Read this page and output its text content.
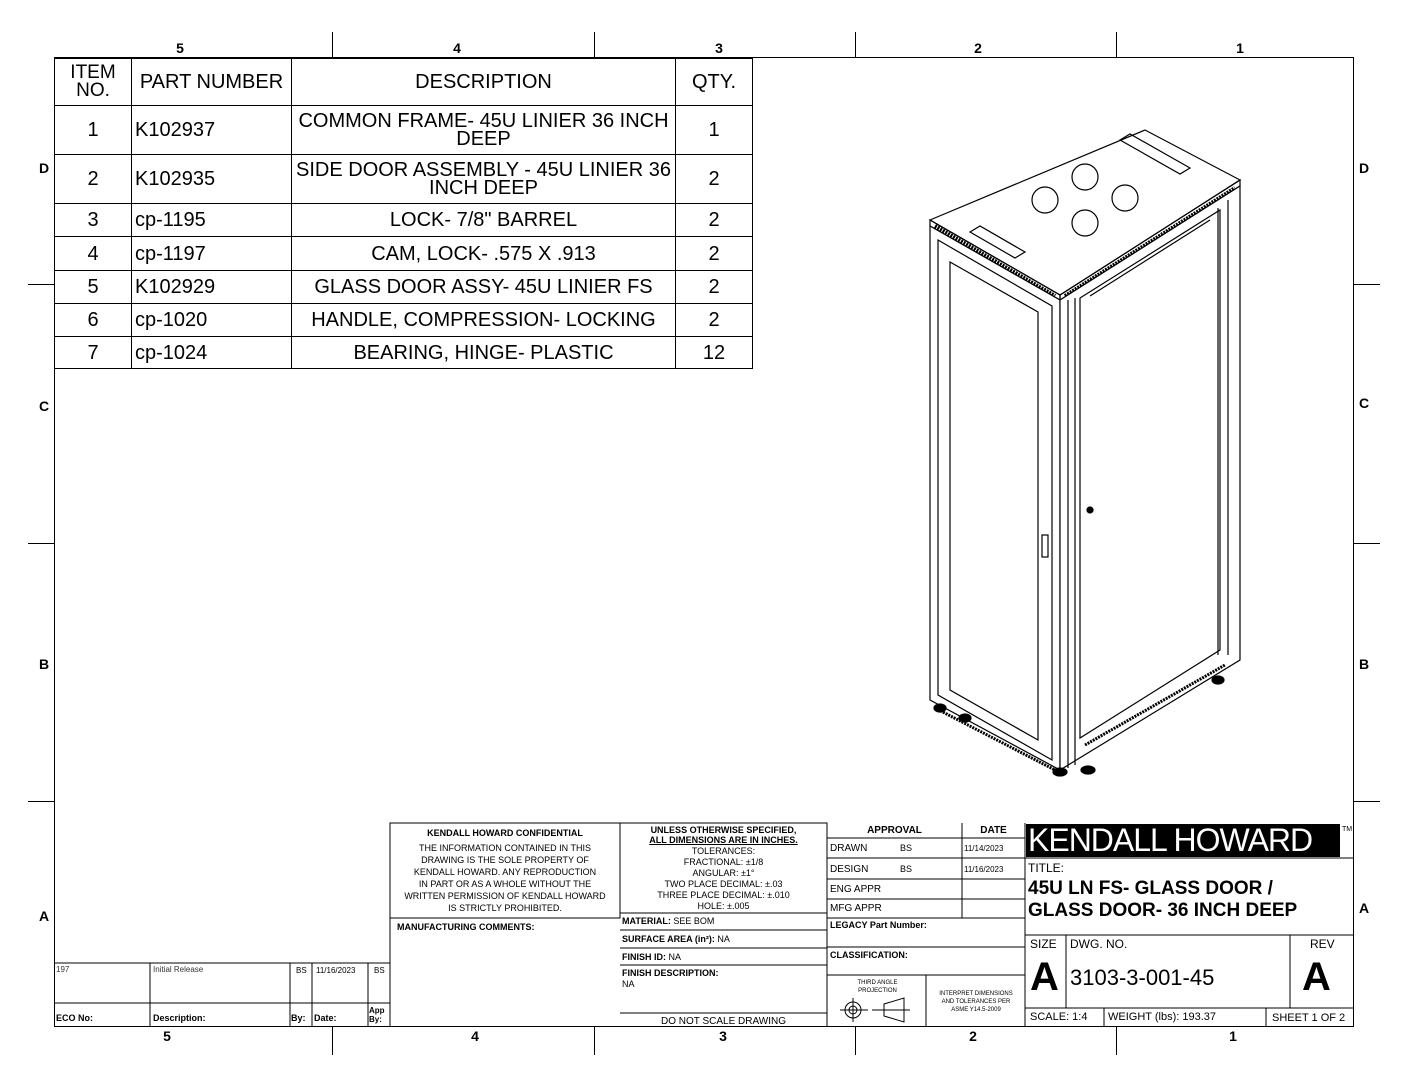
5	4	3	2	1
5	4	3	2	1
D
C
B
A
D
C
B
A
ITEM NO.	PART NUMBER	DESCRIPTION	QTY.
1	K102937	COMMON FRAME- 45U LINIER 36 INCH DEEP	1
2	K102935	SIDE DOOR ASSEMBLY - 45U LINIER 36 INCH DEEP	2
3	cp-1195	LOCK- 7/8" BARREL	2
4	cp-1197	CAM, LOCK- .575 X .913	2
5	K102929	GLASS DOOR ASSY- 45U LINIER FS	2
6	cp-1020	HANDLE, COMPRESSION- LOCKING	2
7	cp-1024	BEARING, HINGE- PLASTIC	12
KENDALL HOWARD CONFIDENTIAL
THE INFORMATION CONTAINED IN THIS
DRAWING IS THE SOLE PROPERTY OF
KENDALL HOWARD. ANY REPRODUCTION
IN PART OR AS A WHOLE WITHOUT THE
WRITTEN PERMISSION OF KENDALL HOWARD
IS STRICTLY PROHIBITED.
MANUFACTURING COMMENTS:
UNLESS OTHERWISE SPECIFIED,
ALL DIMENSIONS ARE IN INCHES.
TOLERANCES:
FRACTIONAL: ±1/8
ANGULAR: ±1°
TWO PLACE DECIMAL: ±.03
THREE PLACE DECIMAL: ±.010
HOLE: ±.005
MATERIAL: SEE BOM
SURFACE AREA (in²): NA
FINISH ID: NA
FINISH DESCRIPTION:
NA
DO NOT SCALE DRAWING
APPROVAL	DATE
DRAWN	BS	11/14/2023
DESIGN	BS	11/16/2023
ENG APPR
MFG APPR
LEGACY Part Number:
CLASSIFICATION:
THIRD ANGLE
PROJECTION	INTERPRET DIMENSIONS
AND TOLERANCES PER
ASME Y14.5-2009
KENDALL HOWARD	TM
TITLE:
45U LN FS- GLASS DOOR /
GLASS DOOR- 36 INCH DEEP
SIZE
A
DWG. NO.
3103-3-001-45
REV
A
SCALE: 1:4 WEIGHT (lbs): 193.37	SHEET 1 OF 2
197	Initial Release	BS 11/16/2023 BS
ECO No:	Description:	By: Date:
App By:
